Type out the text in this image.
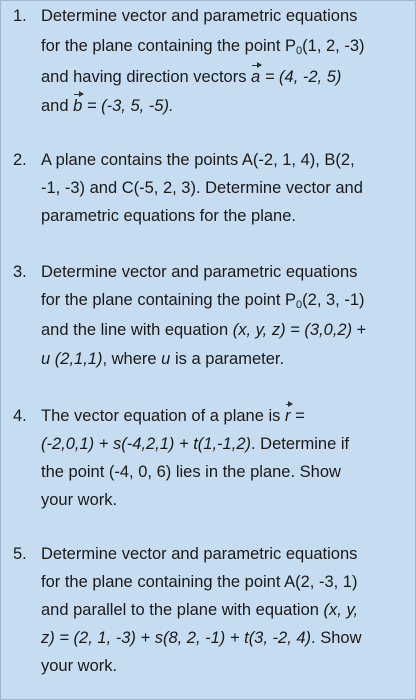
1. Determine vector and parametric equations
for the plane containing the point $P_0(1$, 2, -3)
and having direction vectors a = (4, -2, 5)
and b = (-3, 5, -5).
2. A plane contains the points A(-2, 1, 4), B(2,
-1, -3) and C(-5, 2, 3). Determine vector and
parametric equations for the plane.
3. Determine vector and parametric equations
for the plane containing the point $P_0(2$, 3, -1)
and the line with equation (x, y, z) = (3,0,2) +
u (2,1,1), where u is a parameter.
4. The vector equation of a plane is r =
(-2,0,1) + s(-4,2,1) + t(1,-1,2). Determine if
the point (-4, 0, 6) lies in the plane. Show
your work.
5. Determine vector and parametric equations
for the plane containing the point A(2, -3, 1)
and parallel to the plane with equation (x, y,
z) = (2, 1, -3) + s(8, 2, -1) + t(3, -2, 4). Show
your work.
